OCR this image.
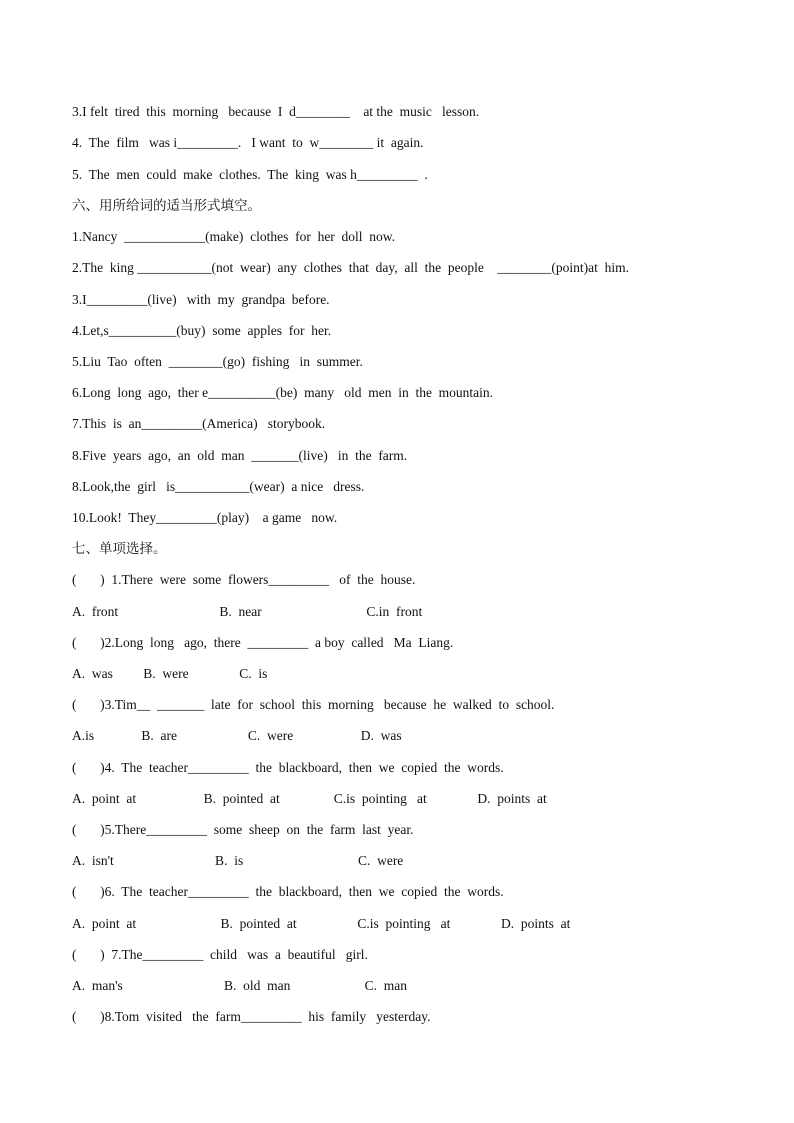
3.I felt  tired  this  morning   because  I  d________    at the  music   lesson.
4.  The  film   was i_________.   I want  to  w________ it  again.
5.  The  men  could  make  clothes.  The  king  was h_________  .
六、用所给词的适当形式填空。
1.Nancy  ____________(make)  clothes  for  her  doll  now.
2.The  king ___________(not  wear)  any  clothes  that  day,  all  the  people    ________(point)at  him.
3.I_________(live)   with  my  grandpa  before.
4.Let,s__________(buy)  some  apples  for  her.
5.Liu  Tao  often  ________(go)  fishing   in  summer.
6.Long  long  ago,  ther e__________(be)  many   old  men  in  the  mountain.
7.This  is  an_________(America)   storybook.
8.Five  years  ago,  an  old  man  _______(live)   in  the  farm.
8.Look,the  girl   is___________(wear)  a nice   dress.
10.Look!  They_________(play)    a game   now.
七、单项选择。
(       )  1.There  were  some  flowers_________   of  the  house.
A.  front                              B.  near                               C.in  front
(       )2.Long  long   ago,  there  _________  a boy  called   Ma  Liang.
A.  was         B.  were               C.  is
(       )3.Tim__  _______  late  for  school  this  morning   because  he  walked  to  school.
A.is              B.  are                     C.  were                    D.  was
(       )4.  The  teacher_________  the  blackboard,  then  we  copied  the  words.
A.  point  at                    B.  pointed  at                C.is  pointing   at               D.  points  at
(       )5.There_________  some  sheep  on  the  farm  last  year.
A.  isn't                              B.  is                                  C.  were
(       )6.  The  teacher_________  the  blackboard,  then  we  copied  the  words.
A.  point  at                         B.  pointed  at                  C.is  pointing   at               D.  points  at
(       )  7.The_________  child   was  a  beautiful   girl.
A.  man's                              B.  old  man                      C.  man
(       )8.Tom  visited   the  farm_________  his  family   yesterday.
